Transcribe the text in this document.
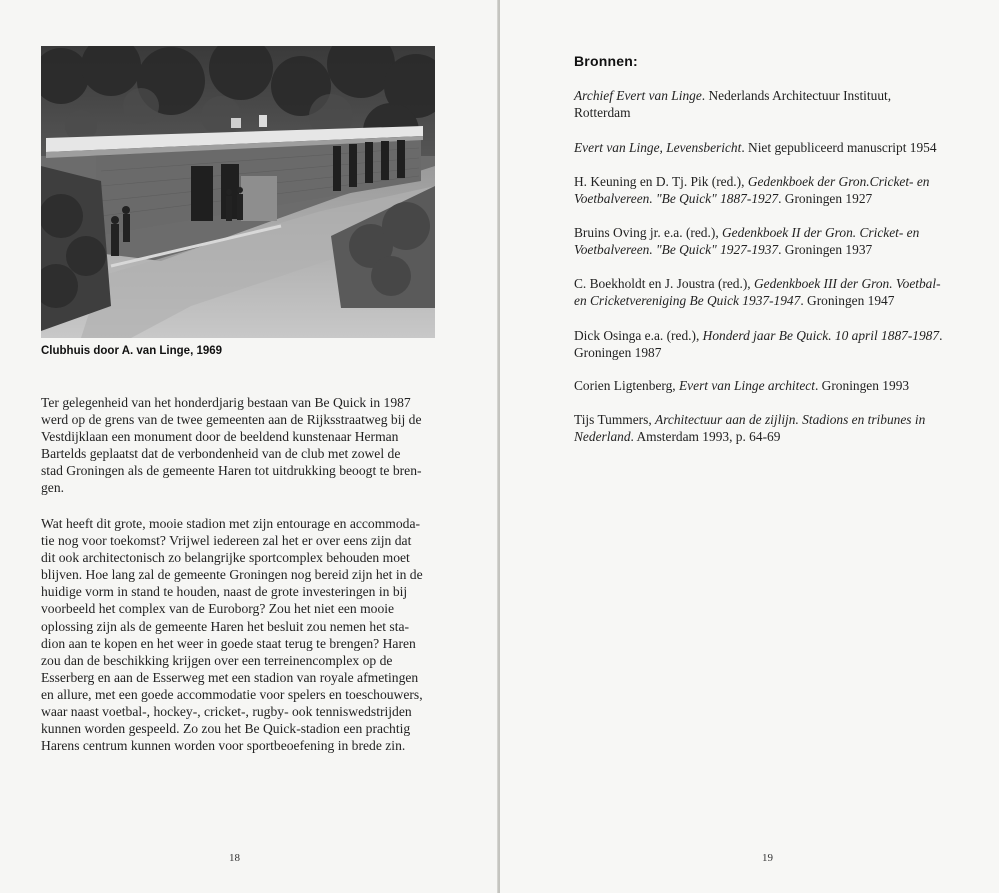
Clubhuis door A. van Linge, 1969
Ter gelegenheid van het honderdjarig bestaan van Be Quick in 1987
werd op de grens van de twee gemeenten aan de Rijksstraatweg bij de
Vestdijklaan een monument door de beeldend kunstenaar Herman
Bartelds geplaatst dat de verbondenheid van de club met zowel de
stad Groningen als de gemeente Haren tot uitdrukking beoogt te bren-
gen.
Wat heeft dit grote, mooie stadion met zijn entourage en accommoda-
tie nog voor toekomst? Vrijwel iedereen zal het er over eens zijn dat
dit ook architectonisch zo belangrijke sportcomplex behouden moet
blijven. Hoe lang zal de gemeente Groningen nog bereid zijn het in de
huidige vorm in stand te houden, naast de grote investeringen in bij
voorbeeld het complex van de Euroborg? Zou het niet een mooie
oplossing zijn als de gemeente Haren het besluit zou nemen het sta-
dion aan te kopen en het weer in goede staat terug te brengen? Haren
zou dan de beschikking krijgen over een terreinencomplex op de
Esserberg en aan de Esserweg met een stadion van royale afmetingen
en allure, met een goede accommodatie voor spelers en toeschouwers,
waar naast voetbal-, hockey-, cricket-, rugby- ook tenniswedstrijden
kunnen worden gespeeld. Zo zou het Be Quick-stadion een prachtig
Harens centrum kunnen worden voor sportbeoefening in brede zin.
18
Bronnen:
Archief Evert van Linge. Nederlands Architectuur Instituut,
Rotterdam
Evert van Linge, Levensbericht. Niet gepubliceerd manuscript 1954
H. Keuning en D. Tj. Pik (red.), Gedenkboek der Gron.Cricket- en
Voetbalvereen. "Be Quick" 1887-1927. Groningen 1927
Bruins Oving jr. e.a. (red.), Gedenkboek II der Gron. Cricket- en
Voetbalvereen. "Be Quick" 1927-1937. Groningen 1937
C. Boekholdt en J. Joustra (red.), Gedenkboek III der Gron. Voetbal-
en Cricketvereniging Be Quick 1937-1947. Groningen 1947
Dick Osinga e.a. (red.), Honderd jaar Be Quick. 10 april 1887-1987.
Groningen 1987
Corien Ligtenberg, Evert van Linge architect. Groningen 1993
Tijs Tummers, Architectuur aan de zijlijn. Stadions en tribunes in
Nederland. Amsterdam 1993, p. 64-69
19
